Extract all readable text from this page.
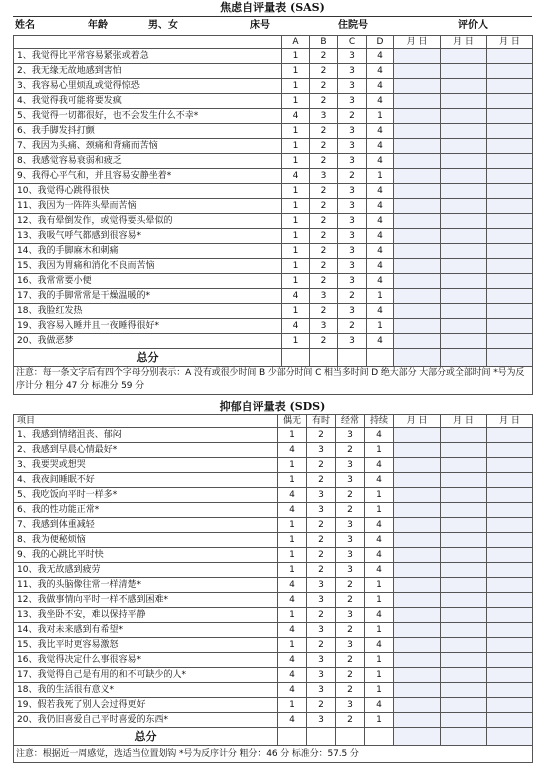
焦虑自评量表 (SAS)
姓名	年龄	男、女	床号	住院号	评价人
	A	B	C	D	月 日	月 日	月 日
1、我觉得比平常容易紧张或着急	1	2	3	4			
2、我无缘无故地感到害怕	1	2	3	4			
3、我容易心里烦乱或觉得惊恐	1	2	3	4			
4、我觉得我可能将要发疯	1	2	3	4			
5、我觉得一切都很好，也不会发生什么不幸*	4	3	2	1			
6、我手脚发抖打颤	1	2	3	4			
7、我因为头痛、颈痛和背痛而苦恼	1	2	3	4			
8、我感觉容易衰弱和疲乏	1	2	3	4			
9、我得心平气和，并且容易安静坐着*	4	3	2	1			
10、我觉得心跳得很快	1	2	3	4			
11、我因为一阵阵头晕而苦恼	1	2	3	4			
12、我有晕倒发作，或觉得要头晕似的	1	2	3	4			
13、我吸气呼气都感到很容易*	1	2	3	4			
14、我的手脚麻木和刺痛	1	2	3	4			
15、我因为胃痛和消化不良而苦恼	1	2	3	4			
16、我常常要小便	1	2	3	4			
17、我的手脚常常是干燥温暖的*	4	3	2	1			
18、我脸红发热	1	2	3	4			
19、我容易入睡并且一夜睡得很好*	4	3	2	1			
20、我做恶梦	1	2	3	4			
总分							
注意：每一条文字后有四个字母分别表示：A 没有或很少时间 B 少部分时间 C 相当多时间 D 绝大部分 大部分或全部时间 *号为反序计分 粗分 47 分 标准分 59 分							
抑郁自评量表 (SDS)
项目	偶无	有时	经常	持续	月 日	月 日	月 日
1、我感到情绪沮丧、郁闷	1	2	3	4			
2、我感到早晨心情最好*	4	3	2	1			
3、我要哭或想哭	1	2	3	4			
4、我夜间睡眠不好	1	2	3	4			
5、我吃饭向平时一样多*	4	3	2	1			
6、我的性功能正常*	4	3	2	1			
7、我感到体重减轻	1	2	3	4			
8、我为便秘烦恼	1	2	3	4			
9、我的心跳比平时快	1	2	3	4			
10、我无故感到疲劳	1	2	3	4			
11、我的头脑像往常一样清楚*	4	3	2	1			
12、我做事情向平时一样不感到困难*	4	3	2	1			
13、我坐卧不安，难以保持平静	1	2	3	4			
14、我对未来感到有希望*	4	3	2	1			
15、我比平时更容易激怒	1	2	3	4			
16、我觉得决定什么事很容易*	4	3	2	1			
17、我觉得自己是有用的和不可缺少的人*	4	3	2	1			
18、我的生活很有意义*	4	3	2	1			
19、假若我死了别人会过得更好	1	2	3	4			
20、我仍旧喜爱自己平时喜爱的东西*	4	3	2	1			
总分							
注意：根据近一周感觉，选适当位置划钩 *号为反序计分 粗分：46 分 标准分：57.5 分							
